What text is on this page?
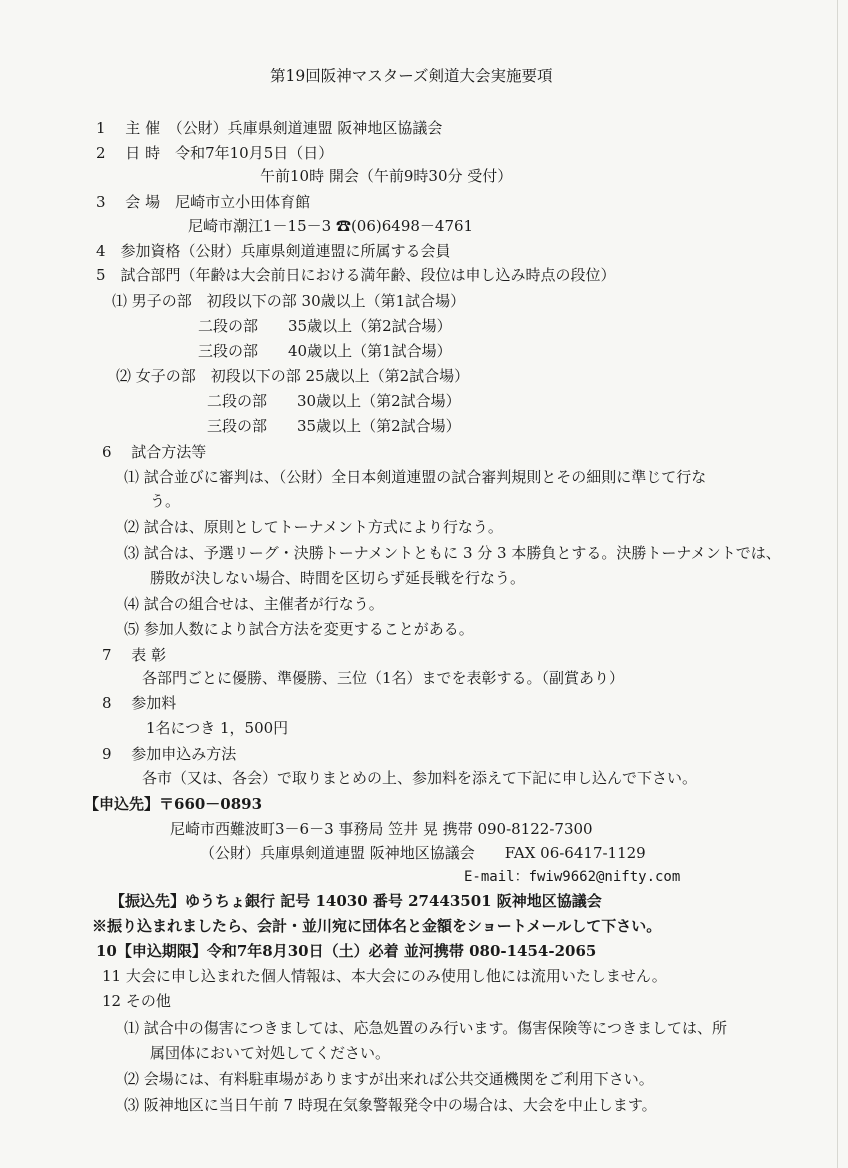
第19回阪神マスターズ剣道大会実施要項
1　 主 催　（公財）兵庫県剣道連盟 阪神地区協議会
2　 日 時　令和7年10月5日（日）
午前10時 開会（午前9時30分 受付）
3　 会 場　尼崎市立小田体育館
尼崎市潮江1－15－3 ☎(06)6498－4761
4　参加資格（公財）兵庫県剣道連盟に所属する会員
5　試合部門（年齢は大会前日における満年齢、段位は申し込み時点の段位）
⑴ 男子の部　初段以下の部 30歳以上（第1試合場）
二段の部　　35歳以上（第2試合場）
三段の部　　40歳以上（第1試合場）
⑵ 女子の部　初段以下の部 25歳以上（第2試合場）
二段の部　　30歳以上（第2試合場）
三段の部　　35歳以上（第2試合場）
6　 試合方法等
⑴ 試合並びに審判は、（公財）全日本剣道連盟の試合審判規則とその細則に準じて行な
う。
⑵ 試合は、原則としてトーナメント方式により行なう。
⑶ 試合は、予選リーグ・決勝トーナメントともに 3 分 3 本勝負とする。決勝トーナメントでは、
勝敗が決しない場合、時間を区切らず延長戦を行なう。
⑷ 試合の組合せは、主催者が行なう。
⑸ 参加人数により試合方法を変更することがある。
7　 表 彰
各部門ごとに優勝、準優勝、三位（1名）までを表彰する。（副賞あり）
8　 参加料
1名につき 1，500円
9　 参加申込み方法
各市（又は、各会）で取りまとめの上、参加料を添えて下記に申し込んで下さい。
【申込先】〒660－0893
尼崎市西難波町3－6－3 事務局 笠井 晃 携帯 090-8122-7300
（公財）兵庫県剣道連盟 阪神地区協議会　　FAX 06-6417-1129
E-mail：fwiw9662@nifty.com
【振込先】ゆうちょ銀行 記号 14030 番号 27443501 阪神地区協議会
※振り込まれましたら、会計・並川宛に団体名と金額をショートメールして下さい。
10【申込期限】令和7年8月30日（土）必着 並河携帯 080-1454-2065
11 大会に申し込まれた個人情報は、本大会にのみ使用し他には流用いたしません。
12 その他
⑴ 試合中の傷害につきましては、応急処置のみ行います。傷害保険等につきましては、所
属団体において対処してください。
⑵ 会場には、有料駐車場がありますが出来れば公共交通機関をご利用下さい。
⑶ 阪神地区に当日午前 7 時現在気象警報発令中の場合は、大会を中止します。
